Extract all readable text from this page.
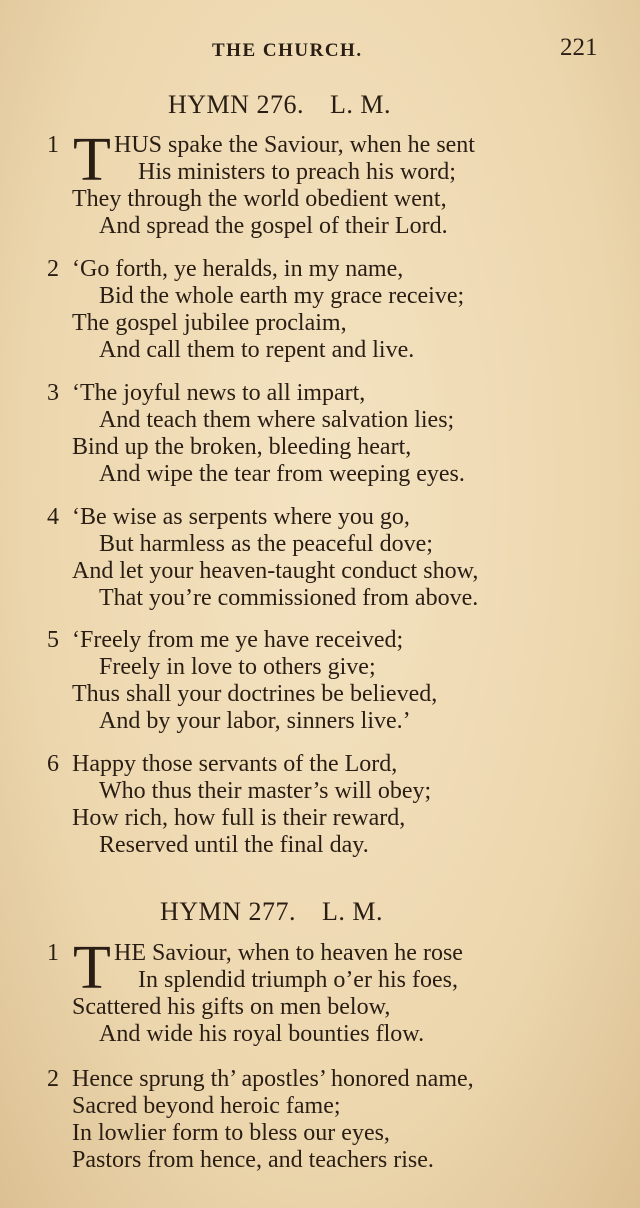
THE CHURCH.	221
HYMN 276. L. M.
1 T HUS spake the Saviour, when he sent
His ministers to preach his word;
They through the world obedient went,
And spread the gospel of their Lord.
2 ‘Go forth, ye heralds, in my name,
Bid the whole earth my grace receive;
The gospel jubilee proclaim,
And call them to repent and live.
3 ‘The joyful news to all impart,
And teach them where salvation lies;
Bind up the broken, bleeding heart,
And wipe the tear from weeping eyes.
4 ‘Be wise as serpents where you go,
But harmless as the peaceful dove;
And let your heaven-taught conduct show,
That you’re commissioned from above.
5 ‘Freely from me ye have received;
Freely in love to others give;
Thus shall your doctrines be believed,
And by your labor, sinners live.’
6 Happy those servants of the Lord,
Who thus their master’s will obey;
How rich, how full is their reward,
Reserved until the final day.
HYMN 277. L. M.
1 T HE Saviour, when to heaven he rose
In splendid triumph o’er his foes,
Scattered his gifts on men below,
And wide his royal bounties flow.
2 Hence sprung th’ apostles’ honored name,
Sacred beyond heroic fame;
In lowlier form to bless our eyes,
Pastors from hence, and teachers rise.
